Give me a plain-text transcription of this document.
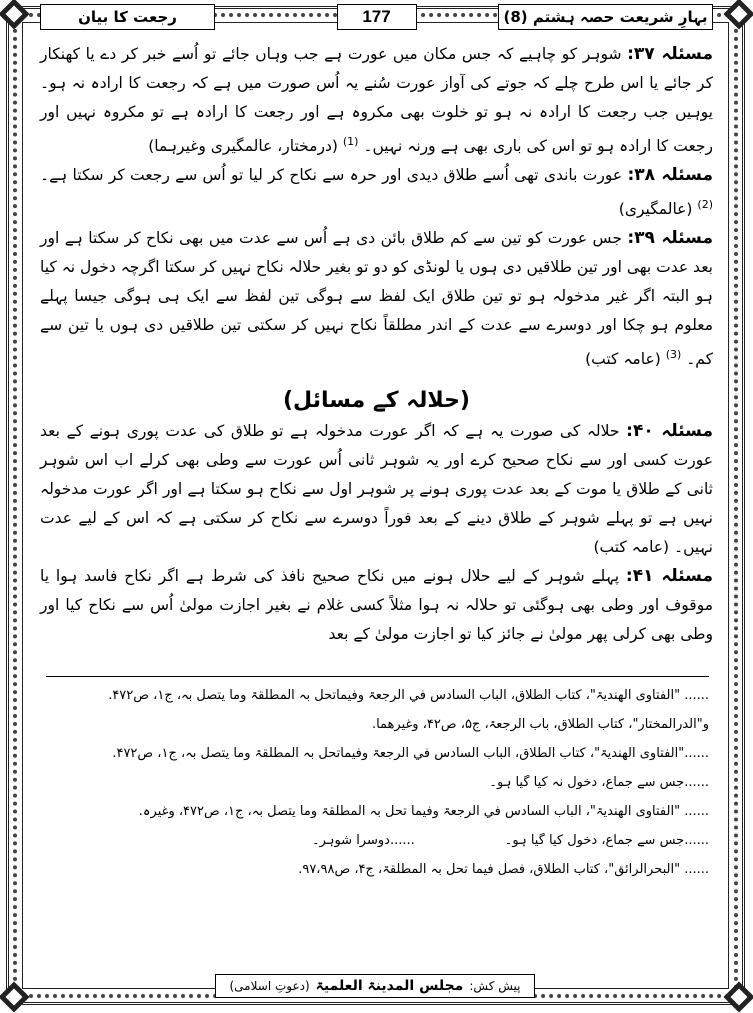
بہارِ شریعت حصہ ہشتم (8)
177
رجعت کا بیان

مسئلہ ۳۷: شوہر کو چاہیے کہ جس مکان میں عورت ہے جب وہاں جائے تو اُسے خبر کر دے یا کھنکار کر جائے یا اس طرح چلے کہ جوتے کی آواز عورت سُنے یہ اُس صورت میں ہے کہ رجعت کا ارادہ نہ ہو۔ یوہیں جب رجعت کا ارادہ نہ ہو تو خلوت بھی مکروہ ہے اور رجعت کا ارادہ ہے تو مکروہ نہیں اور رجعت کا ارادہ ہو تو اس کی باری بھی ہے ورنہ نہیں۔ $^{(1)}$ (درمختار، عالمگیری وغیرہما)

مسئلہ ۳۸: عورت باندی تھی اُسے طلاق دیدی اور حرہ سے نکاح کر لیا تو اُس سے رجعت کر سکتا ہے۔ $^{(2)}$ (عالمگیری)

مسئلہ ۳۹: جس عورت کو تین سے کم طلاق بائن دی ہے اُس سے عدت میں بھی نکاح کر سکتا ہے اور بعد عدت بھی اور تین طلاقیں دی ہوں یا لونڈی کو دو تو بغیر حلالہ نکاح نہیں کر سکتا اگرچہ دخول نہ کیا ہو البتہ اگر غیر مدخولہ ہو تو تین طلاق ایک لفظ سے ہوگی تین لفظ سے ایک ہی ہوگی جیسا پہلے معلوم ہو چکا اور دوسرے سے عدت کے اندر مطلقاً نکاح نہیں کر سکتی تین طلاقیں دی ہوں یا تین سے کم۔ $^{(3)}$ (عامہ کتب)

(حلالہ کے مسائل)

مسئلہ ۴۰: حلالہ کی صورت یہ ہے کہ اگر عورت مدخولہ ہے تو طلاق کی عدت پوری ہونے کے بعد عورت کسی اور سے نکاح صحیح کرے اور یہ شوہر ثانی اُس عورت سے وطی بھی کرلے اب اس شوہر ثانی کے طلاق یا موت کے بعد عدت پوری ہونے پر شوہر اول سے نکاح ہو سکتا ہے اور اگر عورت مدخولہ نہیں ہے تو پہلے شوہر کے طلاق دینے کے بعد فوراً دوسرے سے نکاح کر سکتی ہے کہ اس کے لیے عدت نہیں۔ (عامہ کتب)

مسئلہ ۴۱: پہلے شوہر کے لیے حلال ہونے میں نکاح صحیح نافذ کی شرط ہے اگر نکاح فاسد ہوا یا موقوف اور وطی بھی ہوگئی تو حلالہ نہ ہوا مثلاً کسی غلام نے بغیر اجازت مولیٰ اُس سے نکاح کیا اور وطی بھی کرلی پھر مولیٰ نے جائز کیا تو اجازت مولیٰ کے بعد

...... "الفتاوی الھندیۃ"، کتاب الطلاق، الباب السادس في الرجعۃ وفیماتحل بہ المطلقۃ وما یتصل بہ، ج۱، ص۴۷۲.
و"الدرالمختار"، کتاب الطلاق، باب الرجعۃ، ج۵، ص۴۲، وغیرھما.
......"الفتاوی الھندیۃ"، کتاب الطلاق، الباب السادس في الرجعۃ وفیماتحل بہ المطلقۃ وما یتصل بہ، ج۱، ص۴۷۲.
......جس سے جماع، دخول نہ کیا گیا ہو۔
...... "الفتاوی الھندیۃ"، الباب السادس في الرجعۃ وفیما تحل بہ المطلقۃ وما یتصل بہ، ج۱، ص۴۷۲، وغیرہ.
......جس سے جماع، دخول کیا گیا ہو۔
......دوسرا شوہر۔
...... "البحرالرائق"، کتاب الطلاق، فصل فیما تحل بہ المطلقۃ، ج۴، ص۹۷،۹۸.
پیش کش:
مجلس المدینۃ العلمیۃ
(دعوتِ اسلامی)
